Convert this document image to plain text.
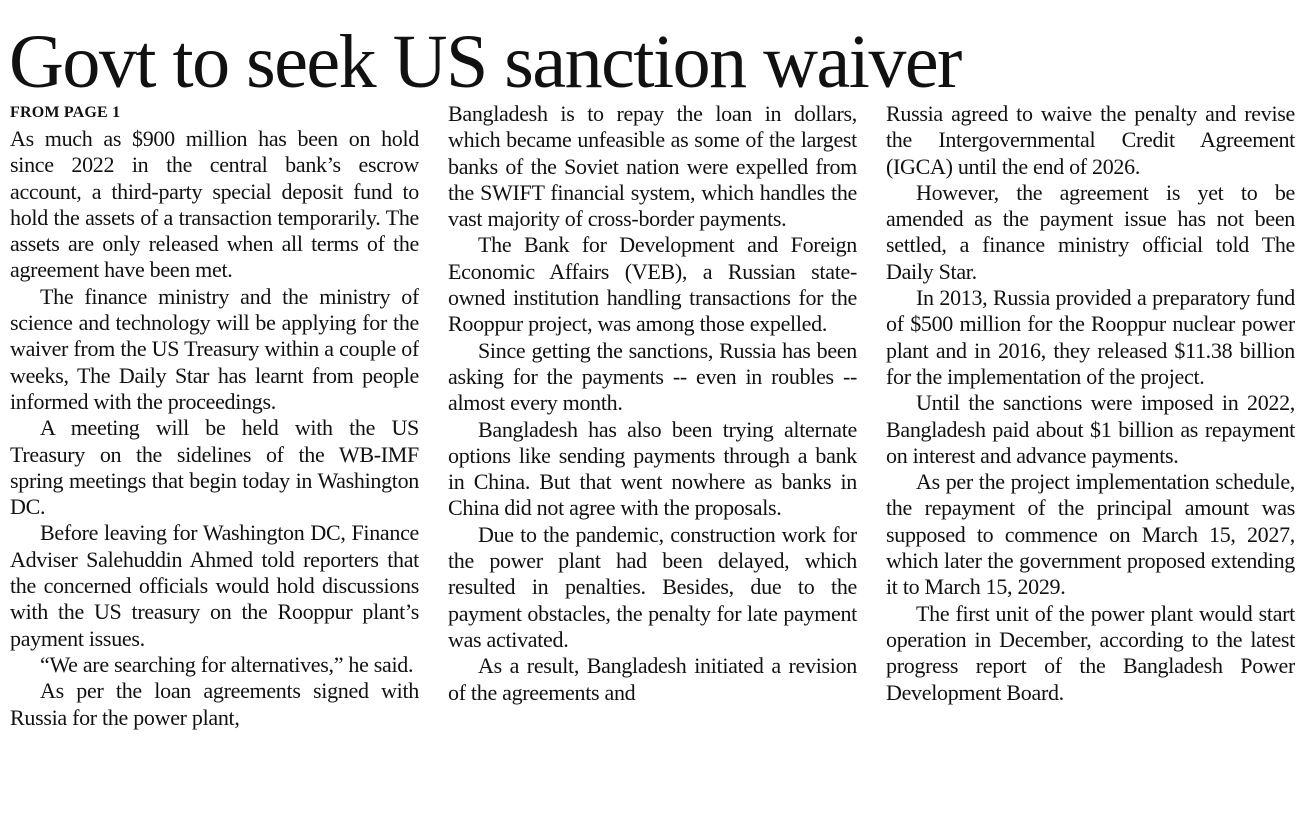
Govt to seek US sanction waiver
FROM PAGE 1

As much as $900 million has been on hold since 2022 in the central bank’s escrow account, a third-party special deposit fund to hold the assets of a transaction temporarily. The assets are only released when all terms of the agreement have been met.

The finance ministry and the ministry of science and technology will be applying for the waiver from the US Treasury within a couple of weeks, The Daily Star has learnt from people informed with the proceedings.

A meeting will be held with the US Treasury on the sidelines of the WB-IMF spring meetings that begin today in Washington DC.

Before leaving for Washington DC, Finance Adviser Salehuddin Ahmed told reporters that the concerned officials would hold discussions with the US treasury on the Rooppur plant’s payment issues.

“We are searching for alternatives,” he said.

As per the loan agreements signed with Russia for the power plant,

Bangladesh is to repay the loan in dollars, which became unfeasible as some of the largest banks of the Soviet nation were expelled from the SWIFT financial system, which handles the vast majority of cross-border payments.

The Bank for Development and Foreign Economic Affairs (VEB), a Russian state-owned institution handling transactions for the Rooppur project, was among those expelled.

Since getting the sanctions, Russia has been asking for the payments -- even in roubles -- almost every month.

Bangladesh has also been trying alternate options like sending payments through a bank in China. But that went nowhere as banks in China did not agree with the proposals.

Due to the pandemic, construction work for the power plant had been delayed, which resulted in penalties. Besides, due to the payment obstacles, the penalty for late payment was activated.

As a result, Bangladesh initiated a revision of the agreements and

Russia agreed to waive the penalty and revise the Intergovernmental Credit Agreement (IGCA) until the end of 2026.

However, the agreement is yet to be amended as the payment issue has not been settled, a finance ministry official told The Daily Star.

In 2013, Russia provided a preparatory fund of $500 million for the Rooppur nuclear power plant and in 2016, they released $11.38 billion for the implementation of the project.

Until the sanctions were imposed in 2022, Bangladesh paid about $1 billion as repayment on interest and advance payments.

As per the project implementation schedule, the repayment of the principal amount was supposed to commence on March 15, 2027, which later the government proposed extending it to March 15, 2029.

The first unit of the power plant would start operation in December, according to the latest progress report of the Bangladesh Power Development Board.
